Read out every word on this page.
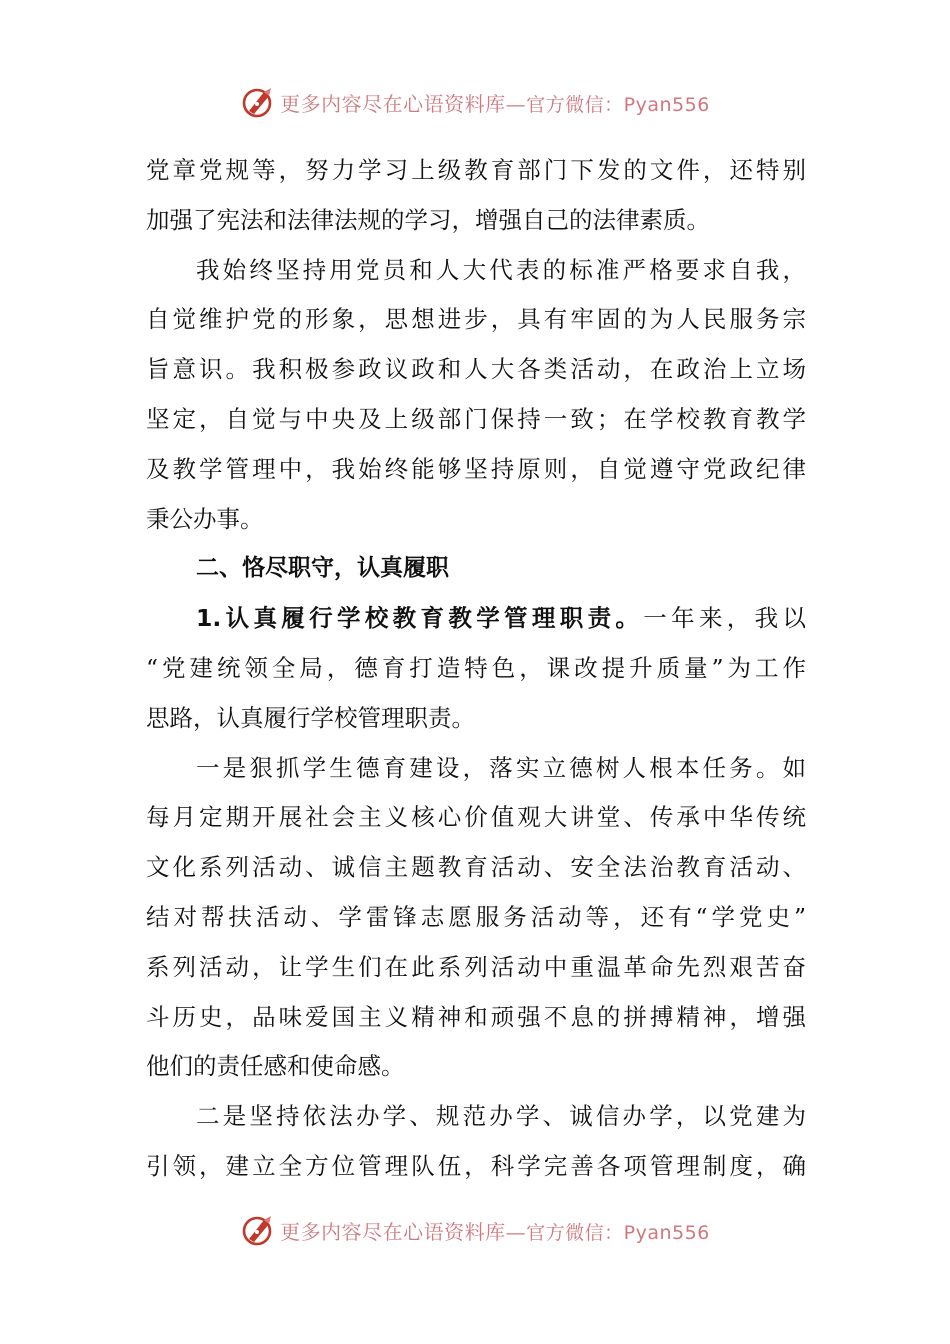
更多内容尽在心语资料库—官方微信：Pyan556
党章党规等，努力学习上级教育部门下发的文件，还特别
加强了宪法和法律法规的学习，增强自己的法律素质。
我始终坚持用党员和人大代表的标准严格要求自我，
自觉维护党的形象，思想进步，具有牢固的为人民服务宗
旨意识。我积极参政议政和人大各类活动，在政治上立场
坚定，自觉与中央及上级部门保持一致；在学校教育教学
及教学管理中，我始终能够坚持原则，自觉遵守党政纪律
秉公办事。
二、恪尽职守，认真履职
1.认真履行学校教育教学管理职责。一年来，我以
“党建统领全局，德育打造特色，课改提升质量”为工作
思路，认真履行学校管理职责。
一是狠抓学生德育建设，落实立德树人根本任务。如
每月定期开展社会主义核心价值观大讲堂、传承中华传统
文化系列活动、诚信主题教育活动、安全法治教育活动、
结对帮扶活动、学雷锋志愿服务活动等，还有“学党史”
系列活动，让学生们在此系列活动中重温革命先烈艰苦奋
斗历史，品味爱国主义精神和顽强不息的拼搏精神，增强
他们的责任感和使命感。
二是坚持依法办学、规范办学、诚信办学，以党建为
引领，建立全方位管理队伍，科学完善各项管理制度，确
更多内容尽在心语资料库—官方微信：Pyan556
